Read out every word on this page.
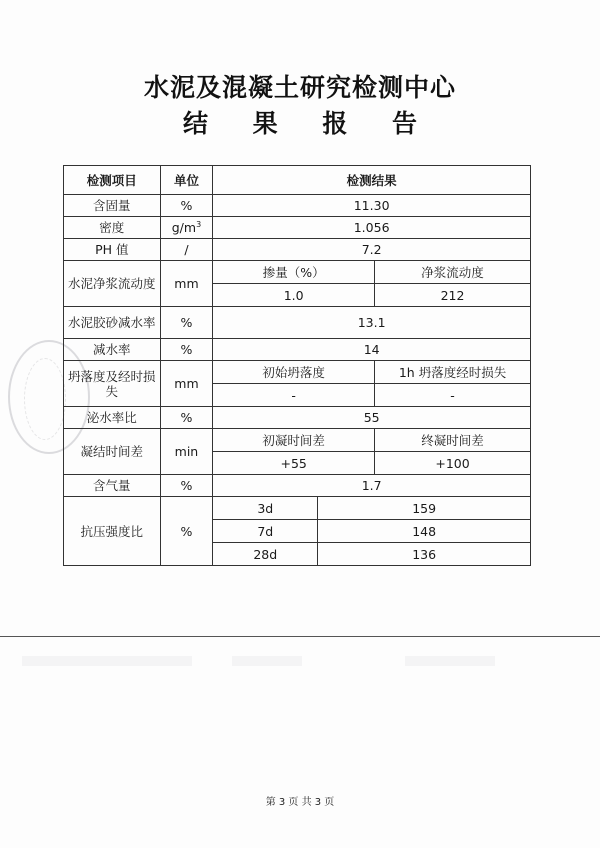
水泥及混凝土研究检测中心
结 果 报 告
检测项目	单位	检测结果		
含固量	%	11.30		
密度	$g/m^3$	1.056		
PH 值	/	7.2		
水泥净浆流动度	mm	掺量（%）		净浆流动度
		1.0		212
水泥胶砂减水率	%	13.1		
减水率	%	14		
坍落度及经时损失	mm	初始坍落度		1h 坍落度经时损失
		-		-
泌水率比	%	55		
凝结时间差	min	初凝时间差		终凝时间差
		+55		+100
含气量	%	1.7		
抗压强度比	%	3d	159	
		7d	148	
		28d	136	
第 3 页 共 3 页
